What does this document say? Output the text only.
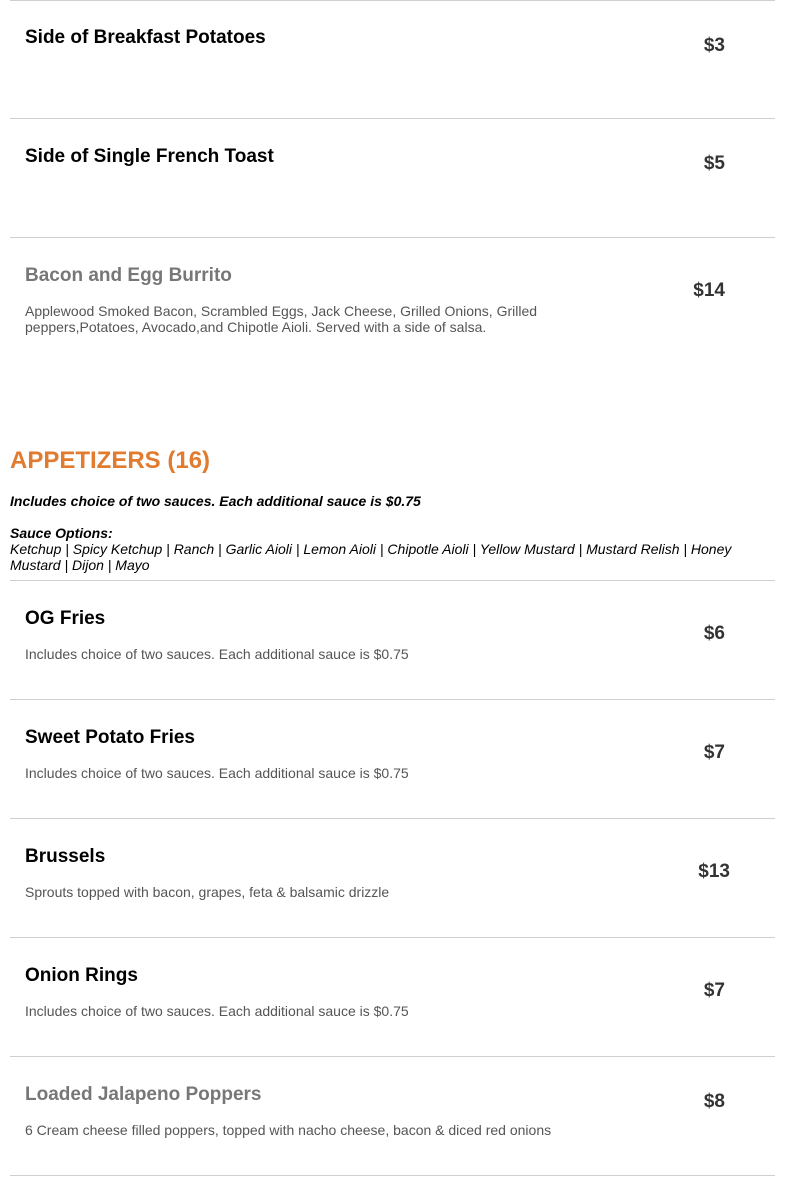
Side of Breakfast Potatoes	$3
Side of Single French Toast	$5
Bacon and Egg Burrito

Applewood Smoked Bacon, Scrambled Eggs, Jack Cheese, Grilled Onions, Grilled peppers,Potatoes, Avocado,and Chipotle Aioli. Served with a side of salsa.

$14
APPETIZERS (16)

Includes choice of two sauces. Each additional sauce is $0.75

Sauce Options:

Ketchup | Spicy Ketchup | Ranch | Garlic Aioli | Lemon Aioli | Chipotle Aioli | Yellow Mustard | Mustard Relish | Honey Mustard | Dijon | Mayo

OG Fries

Includes choice of two sauces. Each additional sauce is $0.75

$6
Sweet Potato Fries

Includes choice of two sauces. Each additional sauce is $0.75

$7
Brussels

Sprouts topped with bacon, grapes, feta & balsamic drizzle

$13
Onion Rings

Includes choice of two sauces. Each additional sauce is $0.75

$7
Loaded Jalapeno Poppers

6 Cream cheese filled poppers, topped with nacho cheese, bacon & diced red onions

$8
